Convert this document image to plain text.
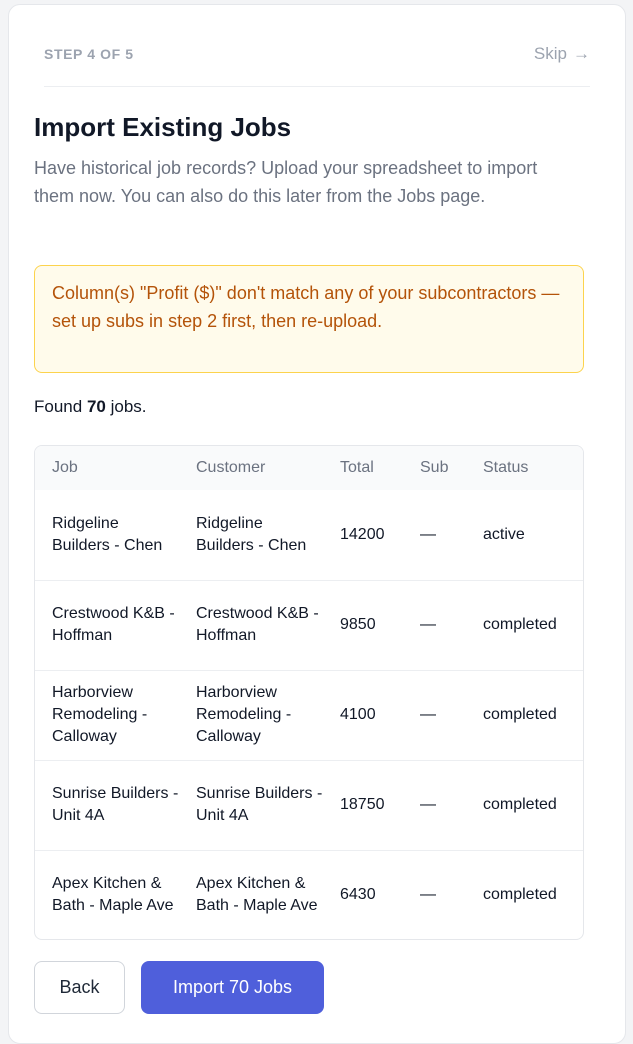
STEP 4 OF 5	Skip →
Import Existing Jobs

Have historical job records? Upload your spreadsheet to import them now. You can also do this later from the Jobs page.

Column(s) "Profit ($)" don't match any of your subcontractors — set up subs in step 2 first, then re-upload.
Found 70 jobs.
Job	Customer	Total	Sub	Status
Ridgeline Builders - Chen	Ridgeline Builders - Chen	14200	—	active
Crestwood K&B - Hoffman	Crestwood K&B - Hoffman	9850	—	completed
Harborview Remodeling - Calloway	Harborview Remodeling - Calloway	4100	—	completed
Sunrise Builders - Unit 4A	Sunrise Builders - Unit 4A	18750	—	completed
Apex Kitchen & Bath - Maple Ave	Apex Kitchen & Bath - Maple Ave	6430	—	completed
Back	Import 70 Jobs
